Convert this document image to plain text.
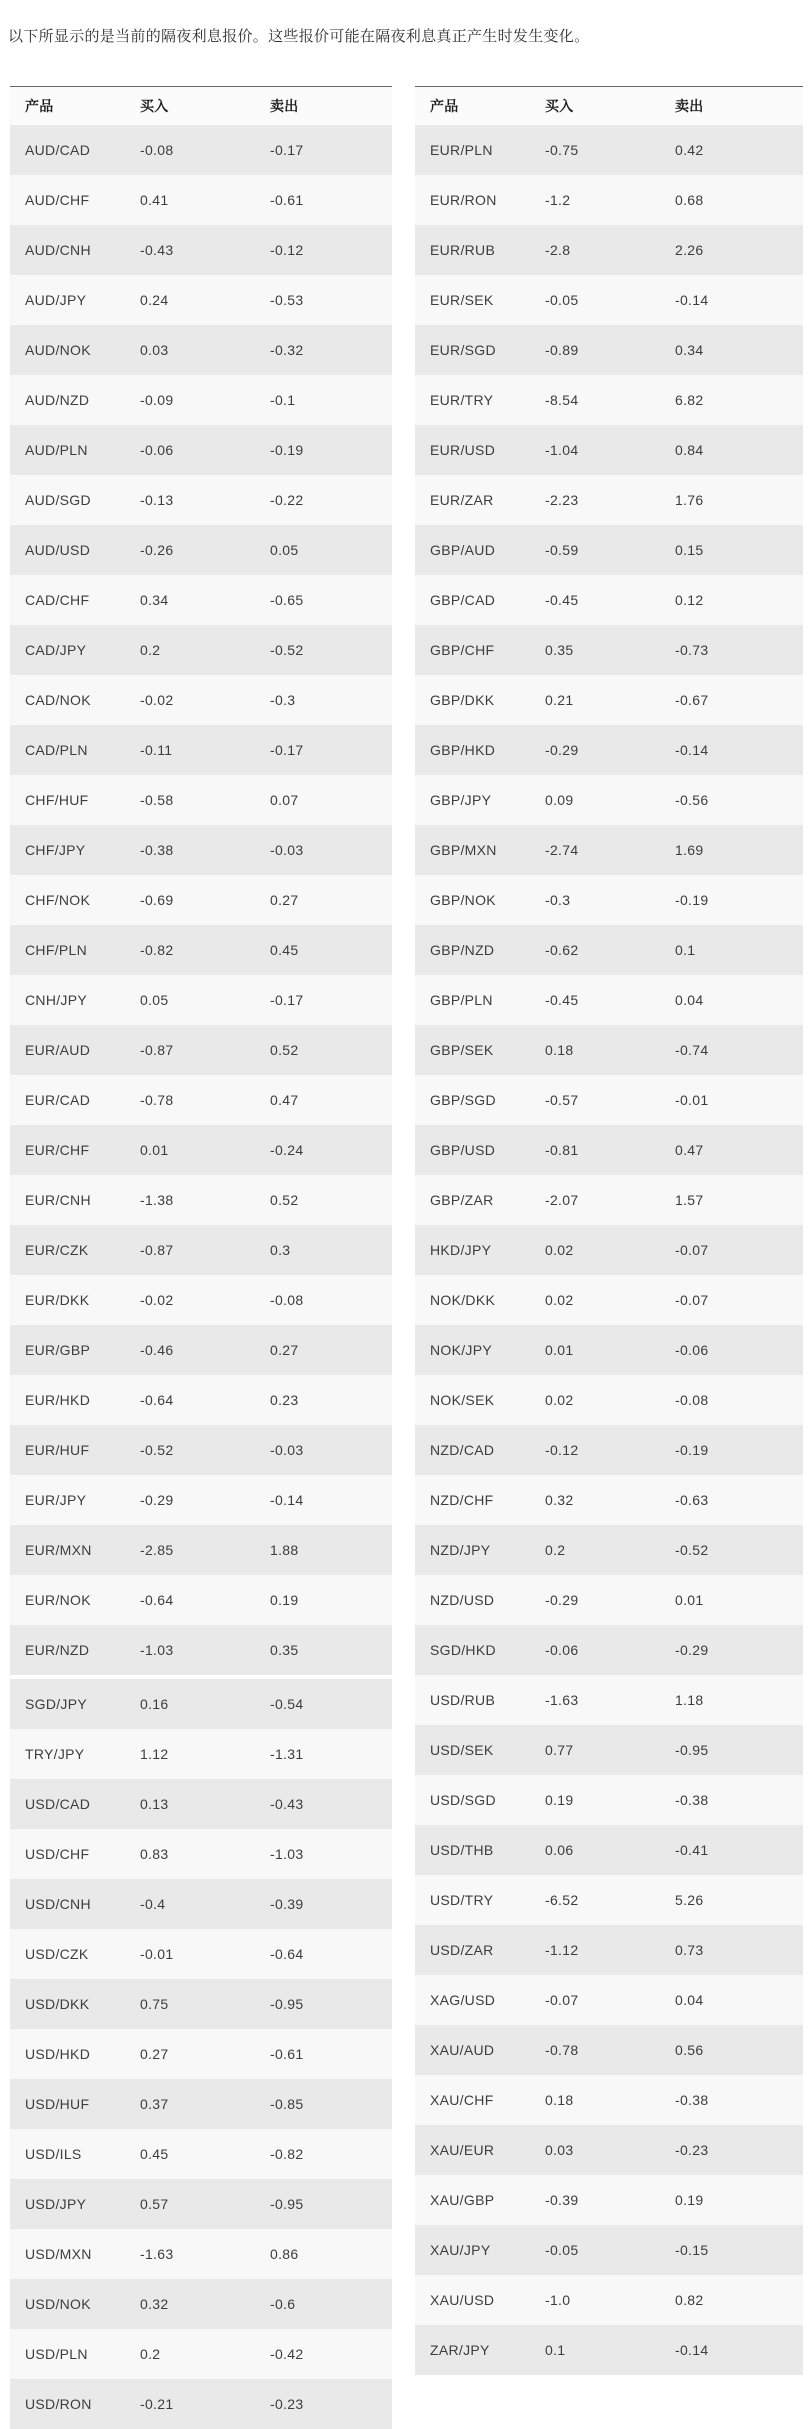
以下所显示的是当前的隔夜利息报价。这些报价可能在隔夜利息真正产生时发生变化。
产品	买入	卖出
AUD/CAD	-0.08	-0.17
AUD/CHF	0.41	-0.61
AUD/CNH	-0.43	-0.12
AUD/JPY	0.24	-0.53
AUD/NOK	0.03	-0.32
AUD/NZD	-0.09	-0.1
AUD/PLN	-0.06	-0.19
AUD/SGD	-0.13	-0.22
AUD/USD	-0.26	0.05
CAD/CHF	0.34	-0.65
CAD/JPY	0.2	-0.52
CAD/NOK	-0.02	-0.3
CAD/PLN	-0.11	-0.17
CHF/HUF	-0.58	0.07
CHF/JPY	-0.38	-0.03
CHF/NOK	-0.69	0.27
CHF/PLN	-0.82	0.45
CNH/JPY	0.05	-0.17
EUR/AUD	-0.87	0.52
EUR/CAD	-0.78	0.47
EUR/CHF	0.01	-0.24
EUR/CNH	-1.38	0.52
EUR/CZK	-0.87	0.3
EUR/DKK	-0.02	-0.08
EUR/GBP	-0.46	0.27
EUR/HKD	-0.64	0.23
EUR/HUF	-0.52	-0.03
EUR/JPY	-0.29	-0.14
EUR/MXN	-2.85	1.88
EUR/NOK	-0.64	0.19
EUR/NZD	-1.03	0.35
SGD/JPY	0.16	-0.54
TRY/JPY	1.12	-1.31
USD/CAD	0.13	-0.43
USD/CHF	0.83	-1.03
USD/CNH	-0.4	-0.39
USD/CZK	-0.01	-0.64
USD/DKK	0.75	-0.95
USD/HKD	0.27	-0.61
USD/HUF	0.37	-0.85
USD/ILS	0.45	-0.82
USD/JPY	0.57	-0.95
USD/MXN	-1.63	0.86
USD/NOK	0.32	-0.6
USD/PLN	0.2	-0.42
USD/RON	-0.21	-0.23
产品	买入	卖出
EUR/PLN	-0.75	0.42
EUR/RON	-1.2	0.68
EUR/RUB	-2.8	2.26
EUR/SEK	-0.05	-0.14
EUR/SGD	-0.89	0.34
EUR/TRY	-8.54	6.82
EUR/USD	-1.04	0.84
EUR/ZAR	-2.23	1.76
GBP/AUD	-0.59	0.15
GBP/CAD	-0.45	0.12
GBP/CHF	0.35	-0.73
GBP/DKK	0.21	-0.67
GBP/HKD	-0.29	-0.14
GBP/JPY	0.09	-0.56
GBP/MXN	-2.74	1.69
GBP/NOK	-0.3	-0.19
GBP/NZD	-0.62	0.1
GBP/PLN	-0.45	0.04
GBP/SEK	0.18	-0.74
GBP/SGD	-0.57	-0.01
GBP/USD	-0.81	0.47
GBP/ZAR	-2.07	1.57
HKD/JPY	0.02	-0.07
NOK/DKK	0.02	-0.07
NOK/JPY	0.01	-0.06
NOK/SEK	0.02	-0.08
NZD/CAD	-0.12	-0.19
NZD/CHF	0.32	-0.63
NZD/JPY	0.2	-0.52
NZD/USD	-0.29	0.01
SGD/HKD	-0.06	-0.29
USD/RUB	-1.63	1.18
USD/SEK	0.77	-0.95
USD/SGD	0.19	-0.38
USD/THB	0.06	-0.41
USD/TRY	-6.52	5.26
USD/ZAR	-1.12	0.73
XAG/USD	-0.07	0.04
XAU/AUD	-0.78	0.56
XAU/CHF	0.18	-0.38
XAU/EUR	0.03	-0.23
XAU/GBP	-0.39	0.19
XAU/JPY	-0.05	-0.15
XAU/USD	-1.0	0.82
ZAR/JPY	0.1	-0.14
